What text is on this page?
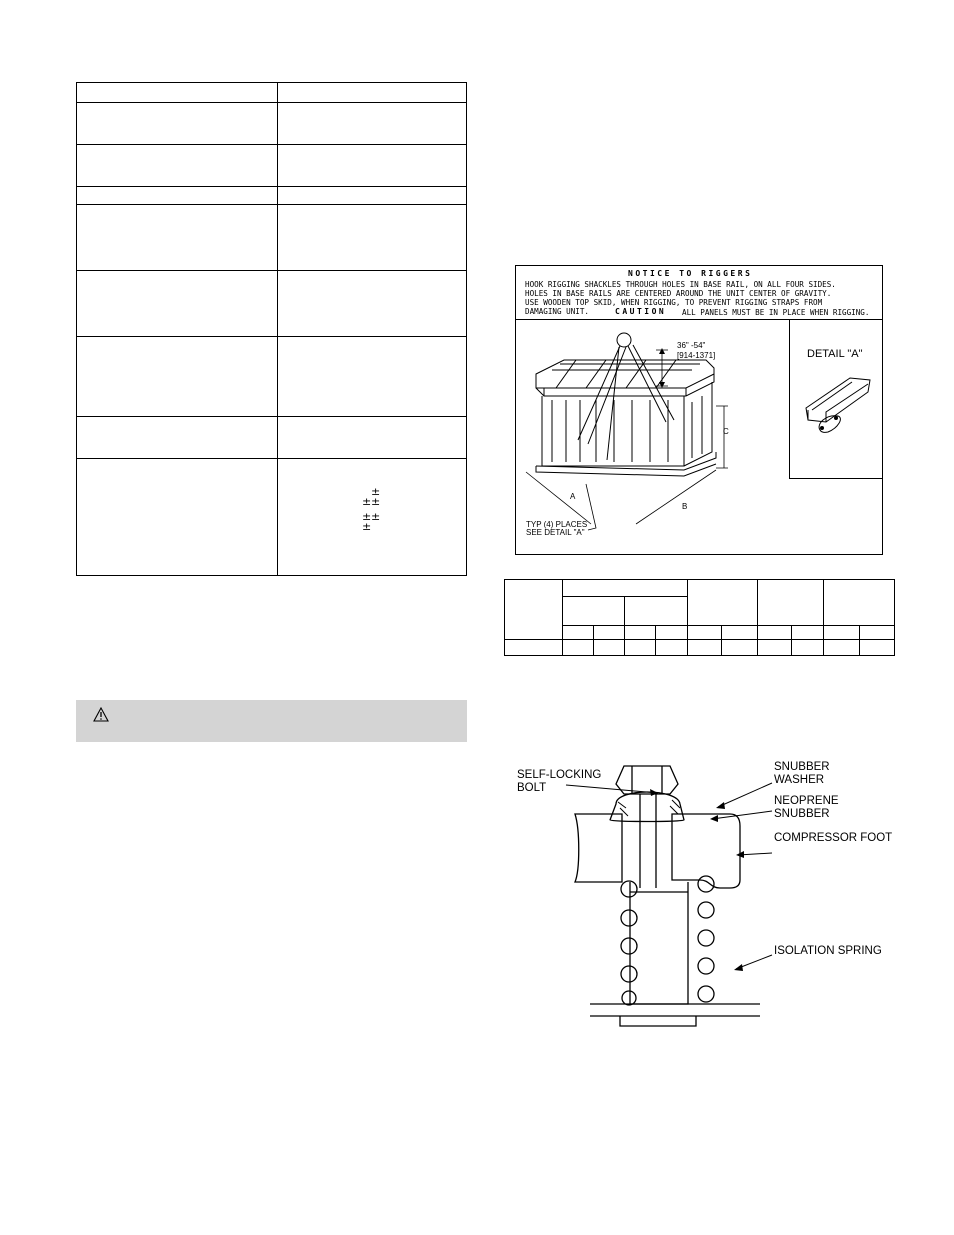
±
±
±
±
±
±
NOTICE TO RIGGERS
HOOK RIGGING SHACKLES THROUGH HOLES IN BASE RAIL, ON ALL FOUR SIDES.
HOLES IN BASE RAILS ARE CENTERED AROUND THE UNIT CENTER OF GRAVITY.
USE WOODEN TOP SKID, WHEN RIGGING, TO PREVENT RIGGING STRAPS FROM
DAMAGING UNIT.	CAUTION ALL PANELS MUST BE IN PLACE WHEN RIGGING.
36" -54"
[914-1371]
A
B
C
TYP (4) PLACES
SEE DETAIL "A"
DETAIL "A"
SELF-LOCKING
BOLT
SNUBBER
WASHER
NEOPRENE
SNUBBER
COMPRESSOR FOOT
ISOLATION SPRING
